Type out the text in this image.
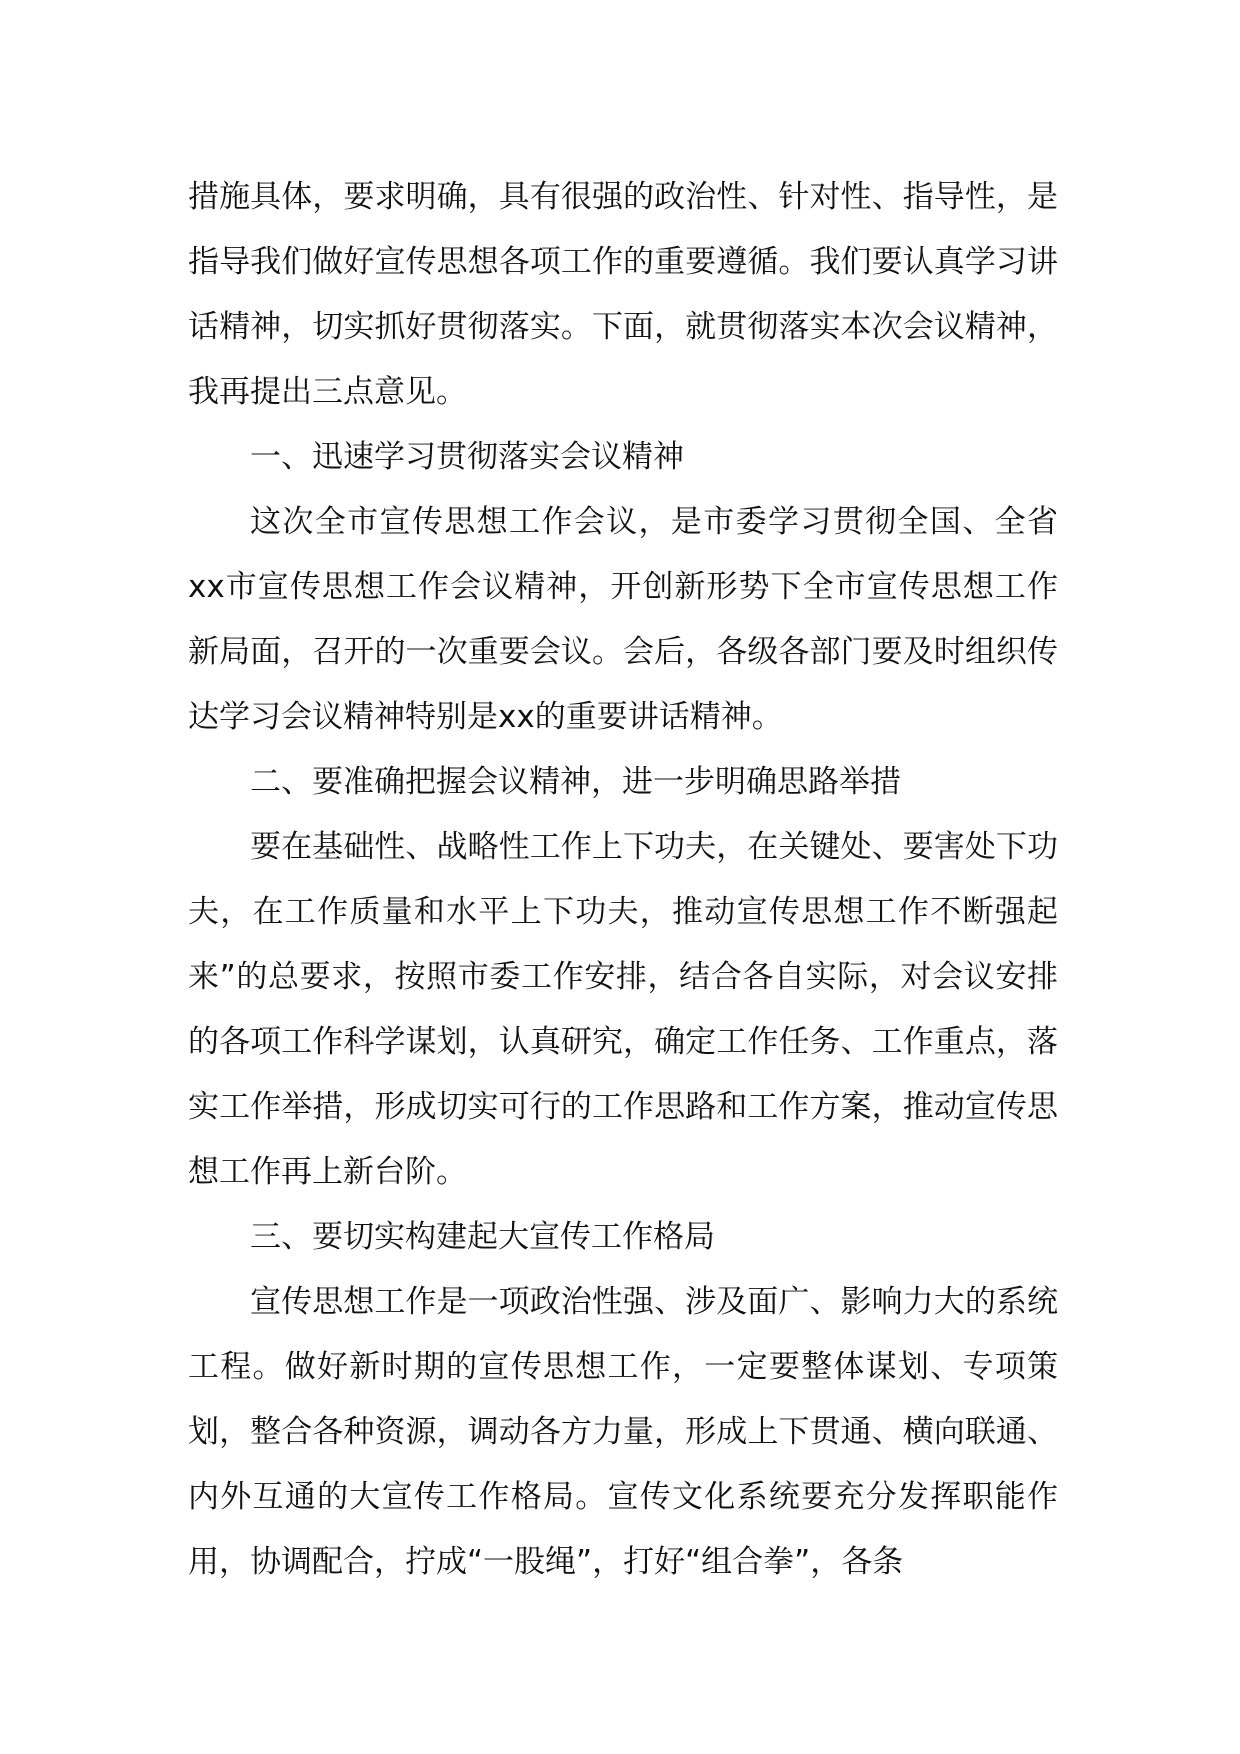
措施具体，要求明确，具有很强的政治性、针对性、指导性，是指导我们做好宣传思想各项工作的重要遵循。我们要认真学习讲话精神，切实抓好贯彻落实。下面，就贯彻落实本次会议精神，我再提出三点意见。

一、迅速学习贯彻落实会议精神

这次全市宣传思想工作会议，是市委学习贯彻全国、全省xx市宣传思想工作会议精神，开创新形势下全市宣传思想工作新局面，召开的一次重要会议。会后，各级各部门要及时组织传达学习会议精神特别是xx的重要讲话精神。

二、要准确把握会议精神，进一步明确思路举措

要在基础性、战略性工作上下功夫，在关键处、要害处下功夫，在工作质量和水平上下功夫，推动宣传思想工作不断强起来”的总要求，按照市委工作安排，结合各自实际，对会议安排的各项工作科学谋划，认真研究，确定工作任务、工作重点，落实工作举措，形成切实可行的工作思路和工作方案，推动宣传思想工作再上新台阶。

三、要切实构建起大宣传工作格局

宣传思想工作是一项政治性强、涉及面广、影响力大的系统工程。做好新时期的宣传思想工作，一定要整体谋划、专项策划，整合各种资源，调动各方力量，形成上下贯通、横向联通、内外互通的大宣传工作格局。宣传文化系统要充分发挥职能作用，协调配合，拧成“一股绳”，打好“组合拳”，各条
